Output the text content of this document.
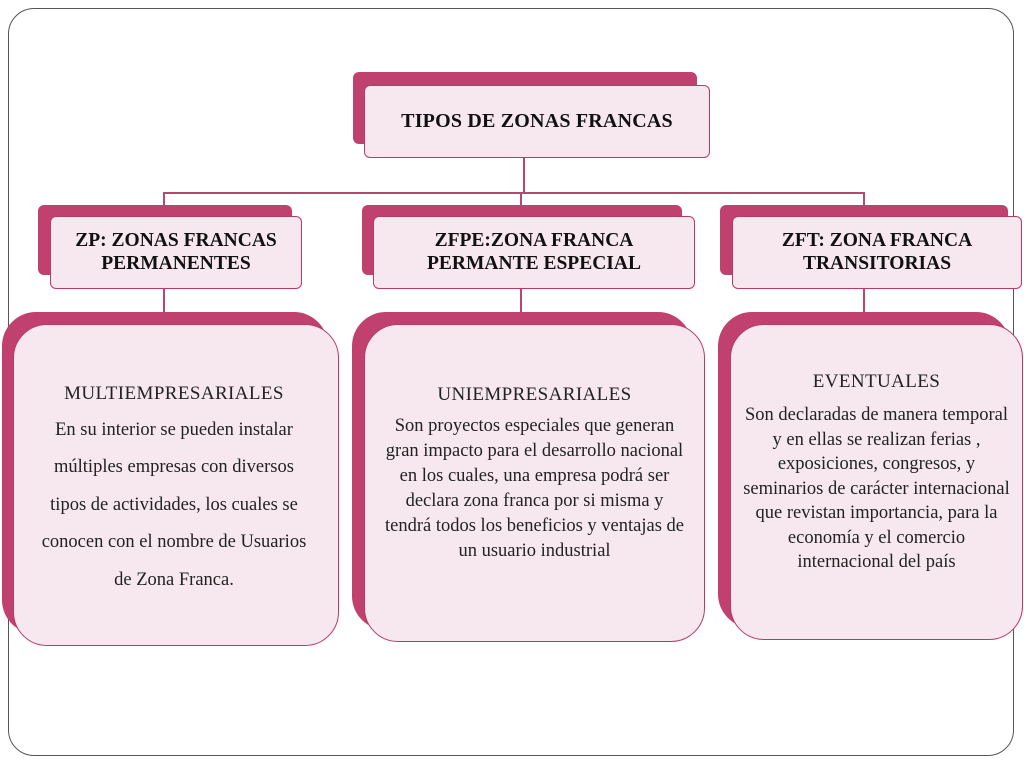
TIPOS DE ZONAS FRANCAS
ZP: ZONAS FRANCAS PERMANENTES
ZFPE:ZONA FRANCA PERMANTE ESPECIAL
ZFT: ZONA FRANCA TRANSITORIAS
MULTIEMPRESARIALES
En su interior se pueden instalar múltiples empresas con diversos tipos de actividades, los cuales se conocen con el nombre de Usuarios de Zona Franca.
UNIEMPRESARIALES
Son proyectos especiales que generan gran impacto para el desarrollo nacional en los cuales, una empresa podrá ser declara zona franca por si misma y tendrá todos los beneficios y ventajas de un usuario industrial
EVENTUALES
Son declaradas de manera temporal y en ellas se realizan ferias , exposiciones, congresos, y seminarios de carácter internacional que revistan importancia, para la economía y el comercio internacional del país
